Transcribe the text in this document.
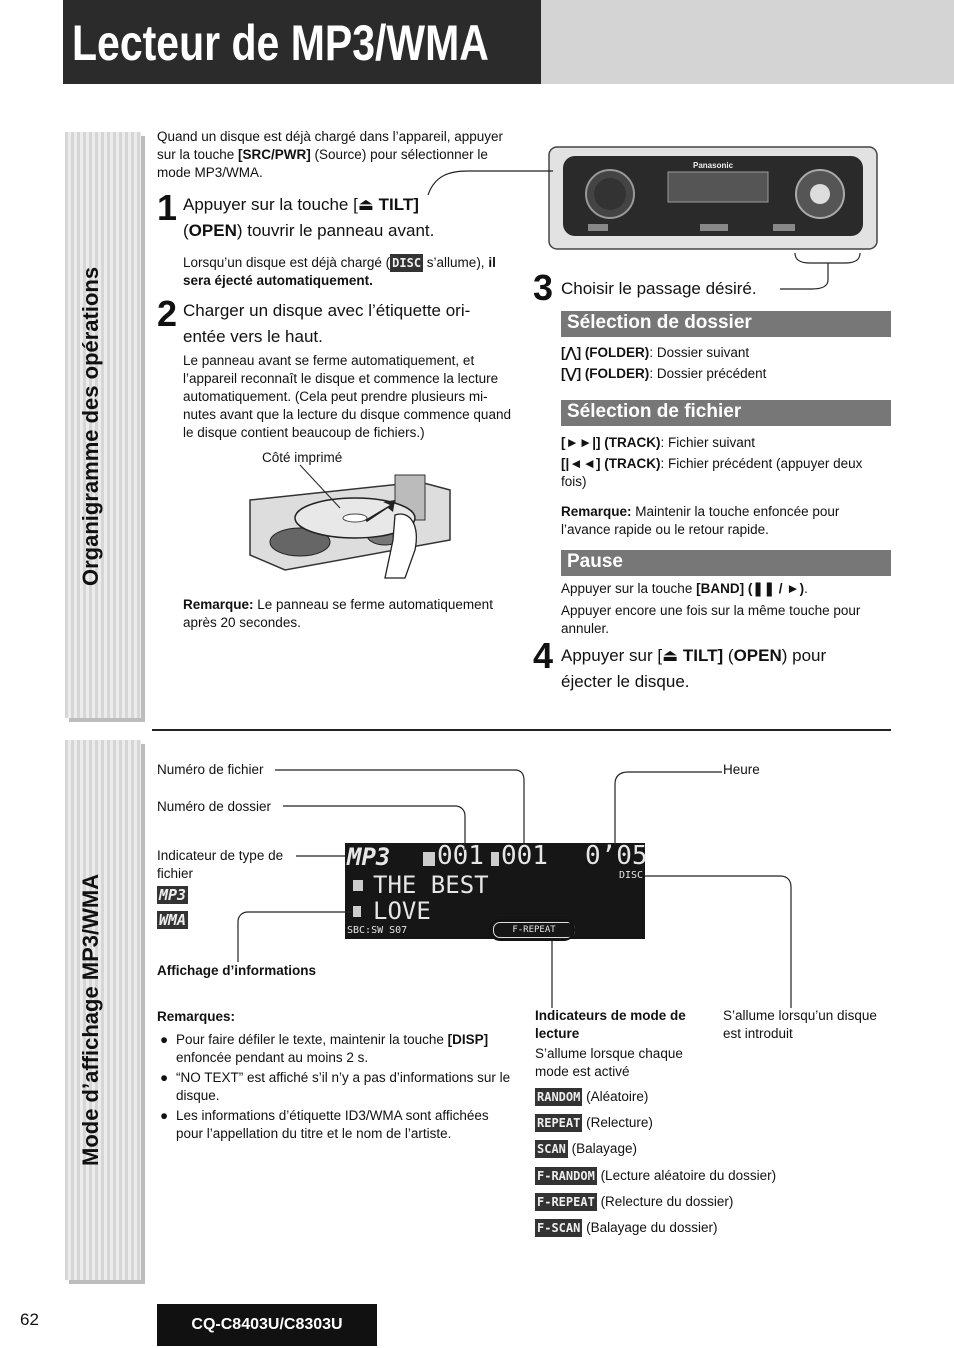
Lecteur de MP3/WMA
Organigramme des opérations
Mode d’affichage MP3/WMA
Quand un disque est déjà chargé dans l’appareil, appuyer sur la touche [SRC/PWR] (Source) pour sélectionner le mode MP3/WMA.
1 Appuyer sur la touche [⏏ TILT]
(OPEN) touvrir le panneau avant.
Lorsqu’un disque est déjà chargé ( DISC s’allume), il sera éjecté automatiquement.
2 Charger un disque avec l’étiquette ori-entée vers le haut.
Le panneau avant se ferme automatiquement, et l’appareil reconnaît le disque et commence la lecture automatiquement. (Cela peut prendre plusieurs mi-nutes avant que la lecture du disque commence quand le disque contient beaucoup de fichiers.)
Côté imprimé
Remarque: Le panneau se ferme automatiquement après 20 secondes.
Panasonic
3 Choisir le passage désiré.
Sélection de dossier
[⋀] (FOLDER): Dossier suivant
[⋁] (FOLDER): Dossier précédent
Sélection de fichier
[►►|] (TRACK): Fichier suivant
[|◄◄] (TRACK): Fichier précédent (appuyer deux fois)
Remarque: Maintenir la touche enfoncée pour l’avance rapide ou le retour rapide.
Pause
Appuyer sur la touche [BAND] (❚❚ / ►).
Appuyer encore une fois sur la même touche pour annuler.
4 Appuyer sur [⏏ TILT] (OPEN) pour éjecter le disque.
Numéro de fichier
Numéro de dossier
Indicateur de type de fichier
Heure
MP3
WMA
MP3 001 001 0’05
DISC
THE BEST
LOVE
SBC:SW S07	F-REPEAT
Affichage d’informations
Indicateurs de mode de lecture
S’allume lorsque chaque mode est activé
S’allume lorsqu’un disque est introduit
RANDOM (Aléatoire)
REPEAT (Relecture)
SCAN (Balayage)
F-RANDOM (Lecture aléatoire du dossier)
F-REPEAT (Relecture du dossier)
F-SCAN (Balayage du dossier)
Remarques:
● Pour faire défiler le texte, maintenir la touche [DISP] enfoncée pendant au moins 2 s.
● “NO TEXT” est affiché s’il n’y a pas d’informations sur le disque.
● Les informations d’étiquette ID3/WMA sont affichées pour l’appellation du titre et le nom de l’artiste.
62	CQ-C8403U/C8303U
